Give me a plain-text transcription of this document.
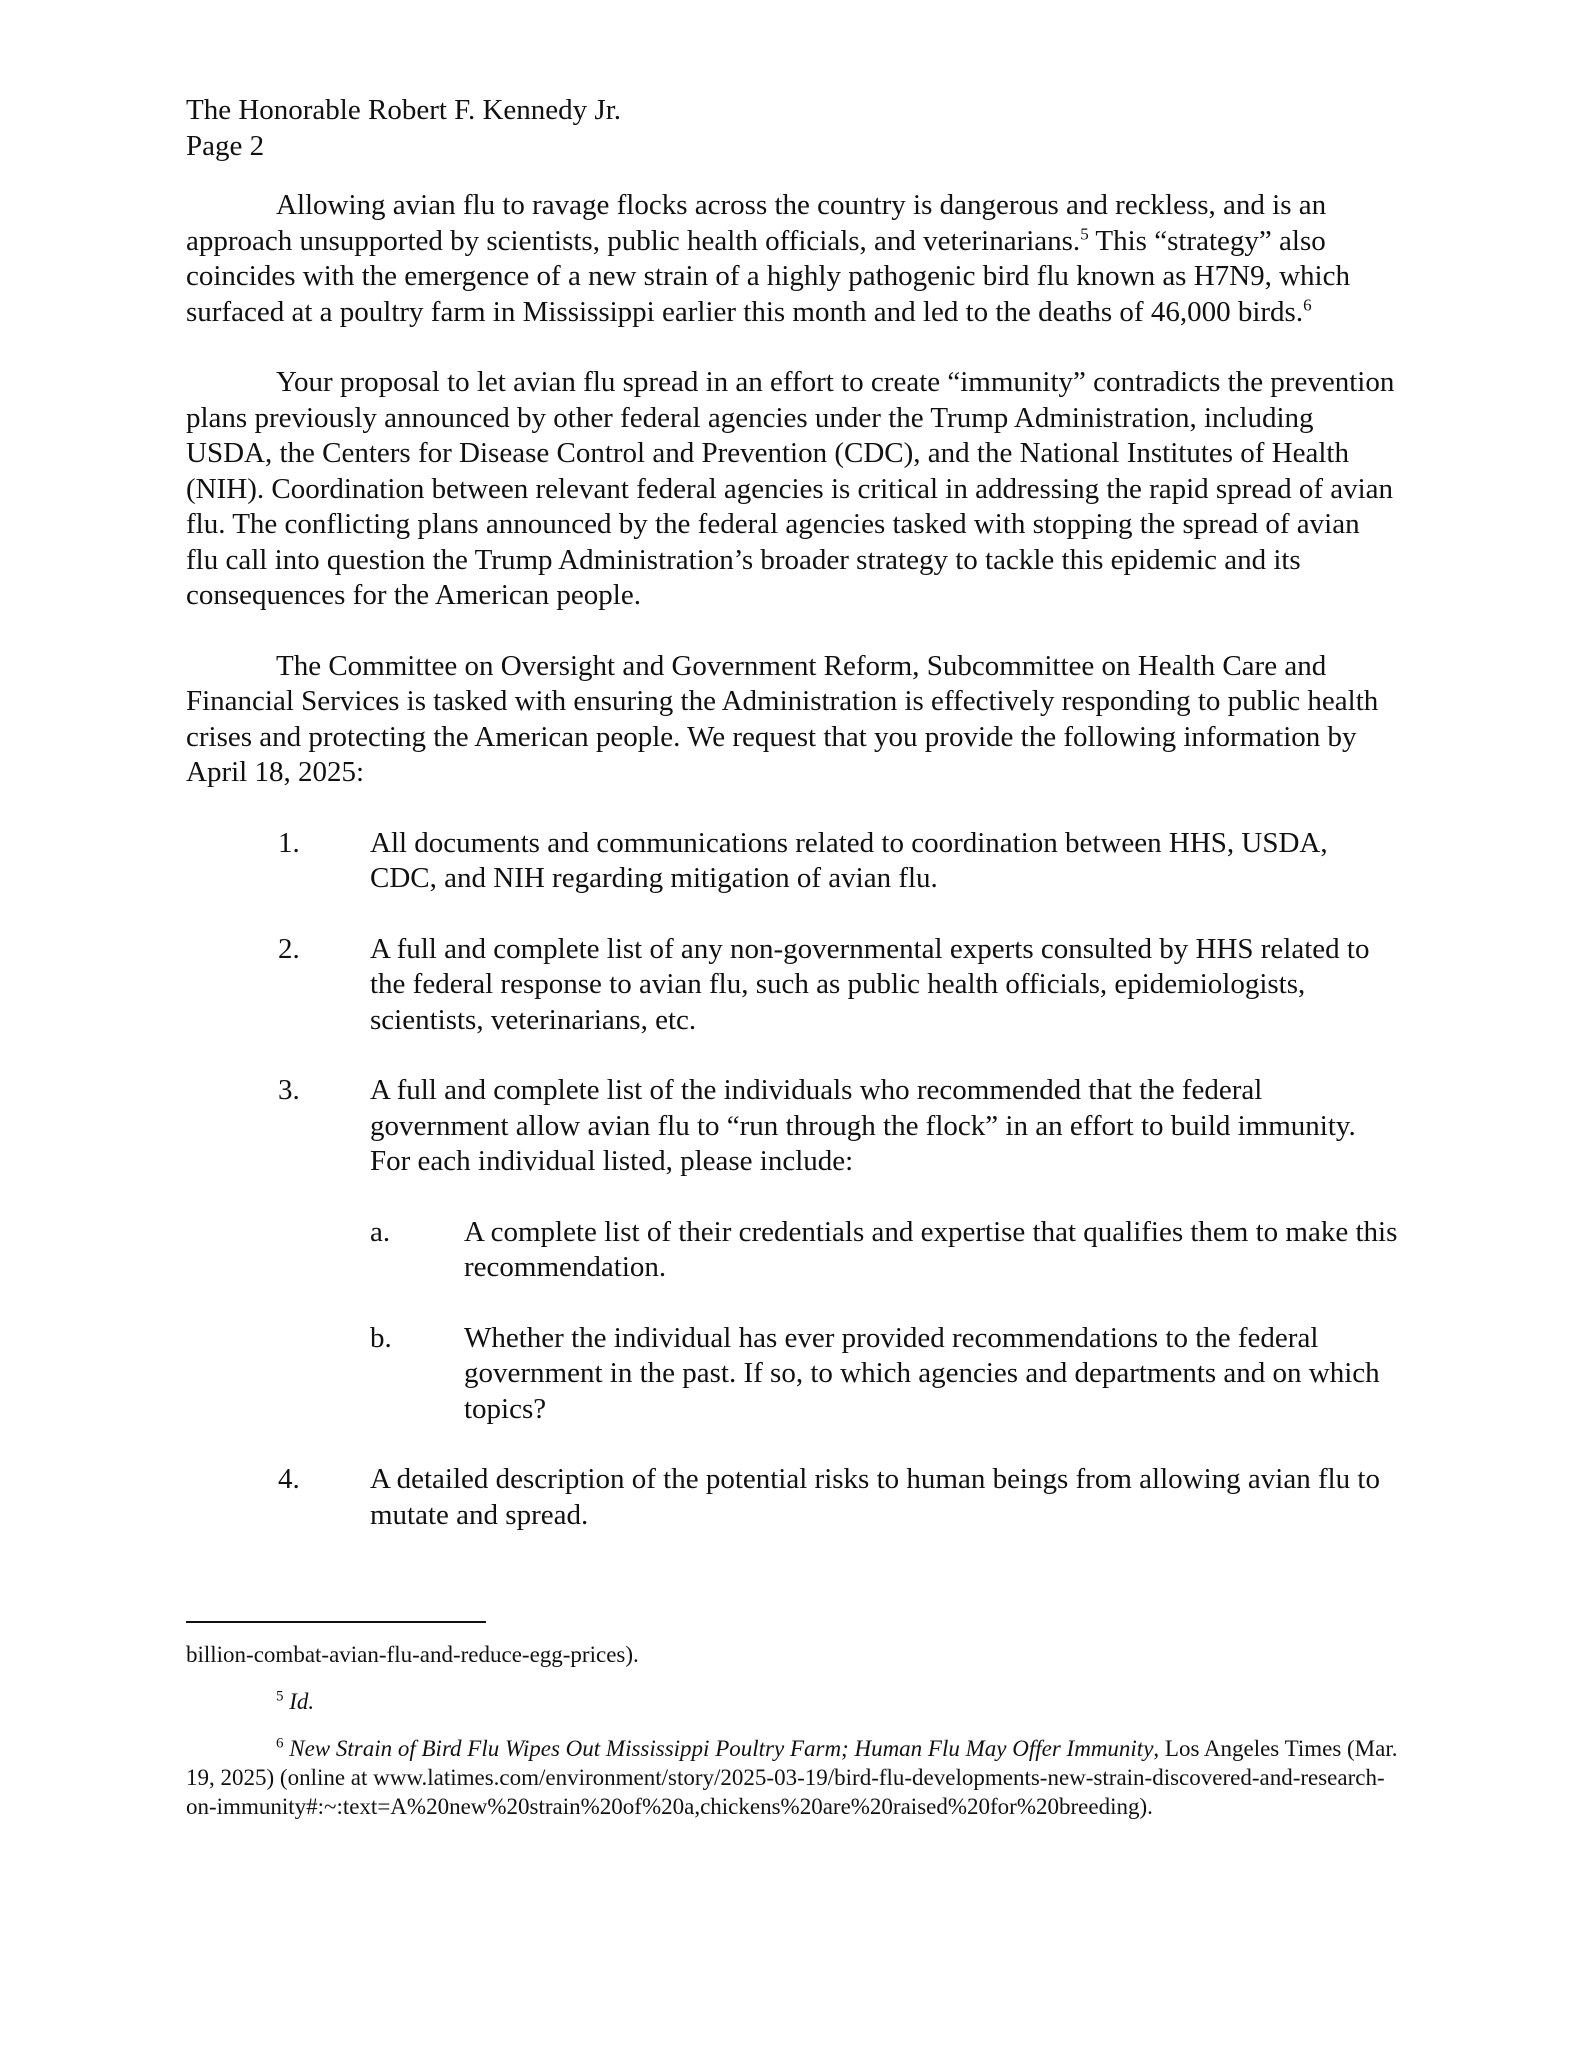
The Honorable Robert F. Kennedy Jr.
Page 2

Allowing avian flu to ravage flocks across the country is dangerous and reckless, and is an approach unsupported by scientists, public health officials, and veterinarians.$^5$ This “strategy” also coincides with the emergence of a new strain of a highly pathogenic bird flu known as H7N9, which surfaced at a poultry farm in Mississippi earlier this month and led to the deaths of 46,000 birds.$^6$

Your proposal to let avian flu spread in an effort to create “immunity” contradicts the prevention plans previously announced by other federal agencies under the Trump Administration, including USDA, the Centers for Disease Control and Prevention (CDC), and the National Institutes of Health (NIH). Coordination between relevant federal agencies is critical in addressing the rapid spread of avian flu. The conflicting plans announced by the federal agencies tasked with stopping the spread of avian flu call into question the Trump Administration’s broader strategy to tackle this epidemic and its consequences for the American people.

The Committee on Oversight and Government Reform, Subcommittee on Health Care and Financial Services is tasked with ensuring the Administration is effectively responding to public health crises and protecting the American people. We request that you provide the following information by April 18, 2025:

1.	All documents and communications related to coordination between HHS, USDA, CDC, and NIH regarding mitigation of avian flu.
2.	A full and complete list of any non-governmental experts consulted by HHS related to the federal response to avian flu, such as public health officials, epidemiologists, scientists, veterinarians, etc.
3.	A full and complete list of the individuals who recommended that the federal government allow avian flu to “run through the flock” in an effort to build immunity. For each individual listed, please include:
a.	A complete list of their credentials and expertise that qualifies them to make this recommendation.
b.	Whether the individual has ever provided recommendations to the federal government in the past. If so, to which agencies and departments and on which topics?
4.	A detailed description of the potential risks to human beings from allowing avian flu to mutate and spread.

billion-combat-avian-flu-and-reduce-egg-prices).

$^5$ Id.

$^6$ New Strain of Bird Flu Wipes Out Mississippi Poultry Farm; Human Flu May Offer Immunity, Los Angeles Times (Mar. 19, 2025) (online at www.latimes.com/environment/story/2025-03-19/bird-flu-developments-new-strain-discovered-and-research-on-immunity#:~:text=A%20new%20strain%20of%20a,chickens%20are%20raised%20for%20breeding).
